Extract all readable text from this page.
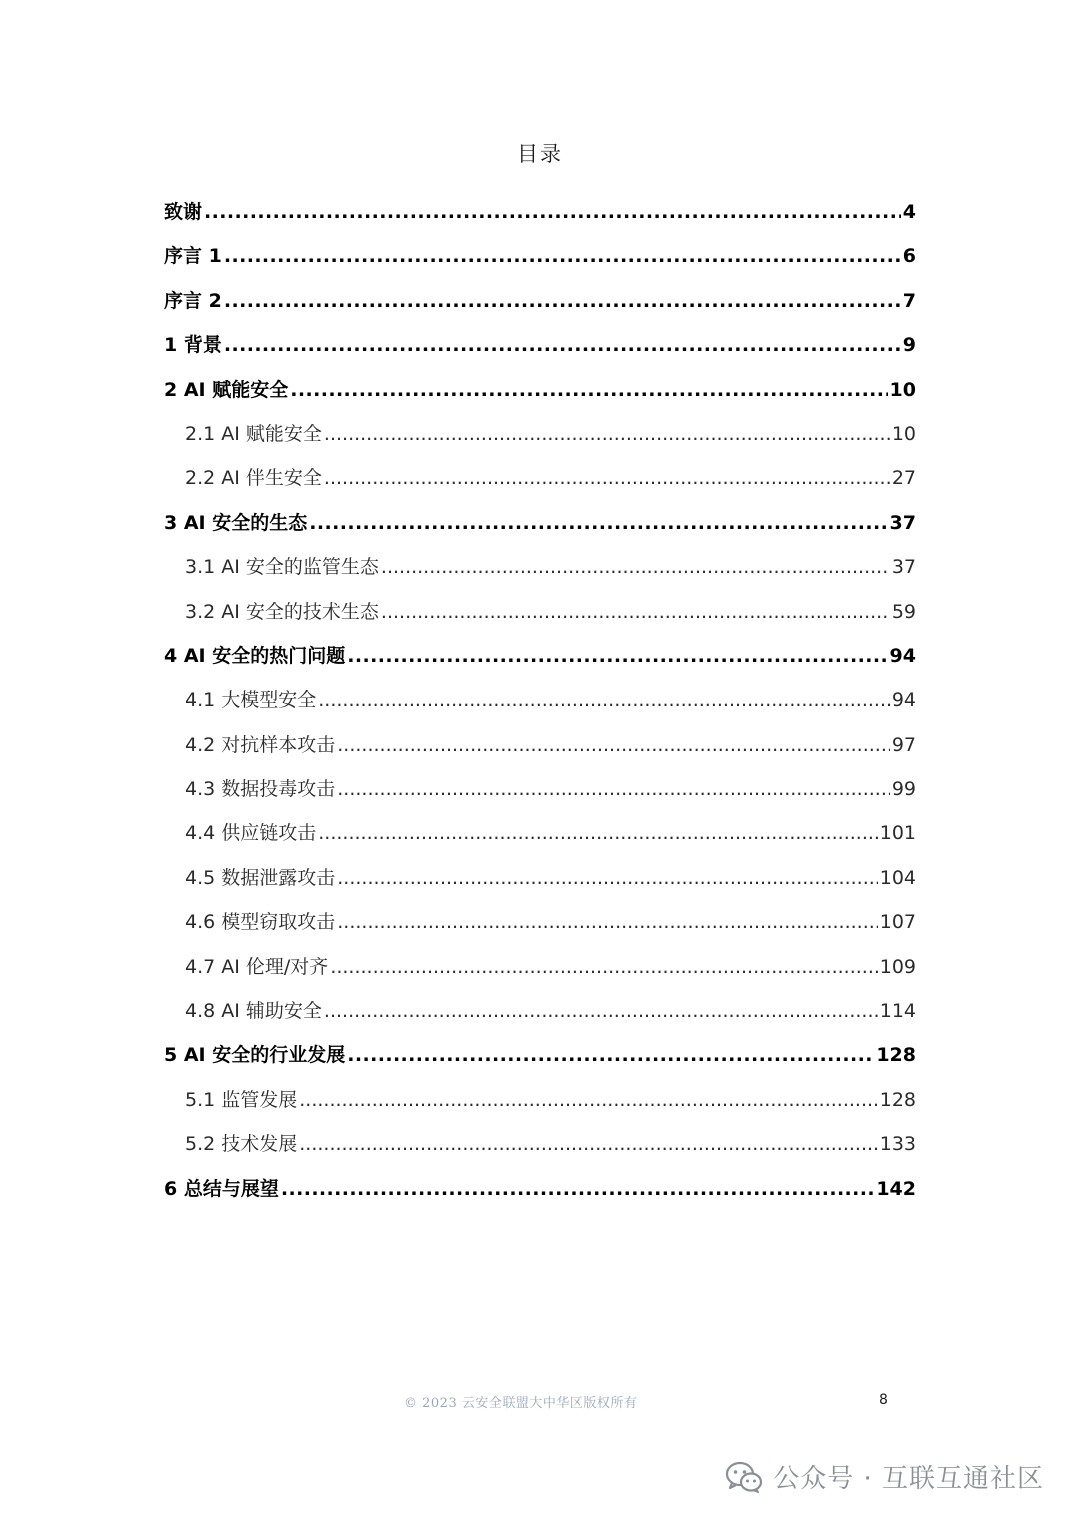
目录
致谢 .....	4
序言 1 .....	6
序言 2 .....	7
1 背景 .....	9
2 AI 赋能安全 .....	10
2.1 AI 赋能安全 .....	10
2.2 AI 伴生安全 .....	27
3 AI 安全的生态 .....	37
3.1 AI 安全的监管生态 .....	37
3.2 AI 安全的技术生态 .....	59
4 AI 安全的热门问题 .....	94
4.1 大模型安全 .....	94
4.2 对抗样本攻击 .....	97
4.3 数据投毒攻击 .....	99
4.4 供应链攻击 .....	101
4.5 数据泄露攻击 .....	104
4.6 模型窃取攻击 .....	107
4.7 AI 伦理/对齐 .....	109
4.8 AI 辅助安全 .....	114
5 AI 安全的行业发展 .....	128
5.1 监管发展 .....	128
5.2 技术发展 .....	133
6 总结与展望 .....	142
© 2023 云安全联盟大中华区版权所有	8
公众号 · 互联互通社区
